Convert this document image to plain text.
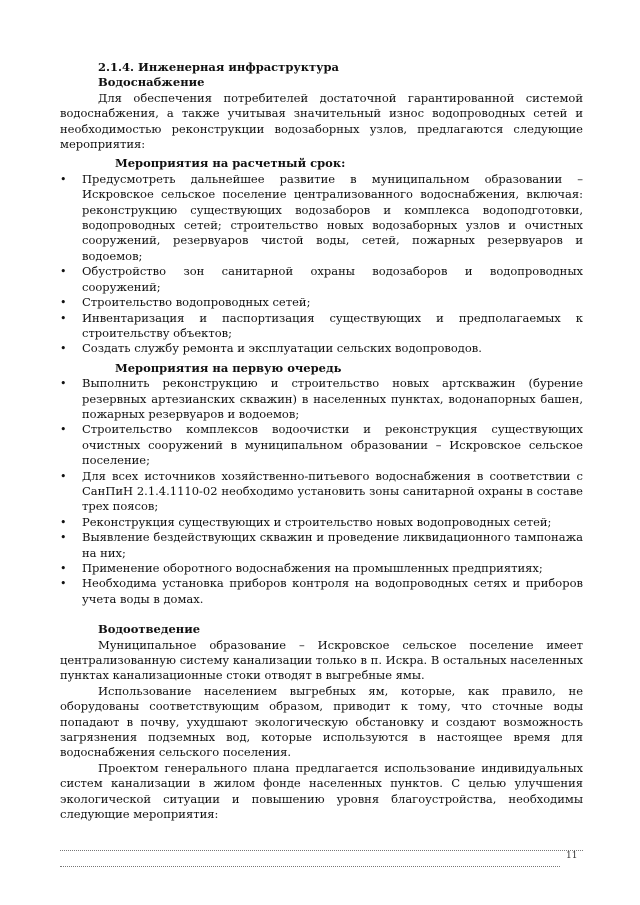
2.1.4. Инженерная инфраструктура
Водоснабжение

Для обеспечения потребителей достаточной гарантированной системой водоснабжения, а также учитывая значительный износ водопроводных сетей и необходимостью реконструкции водозаборных узлов, предлагаются следующие мероприятия:

Мероприятия на расчетный срок:
• Предусмотреть дальнейшее развитие в муниципальном образовании – Искровское сельское поселение централизованного водоснабжения, включая: реконструкцию существующих водозаборов и комплекса водоподготовки, водопроводных сетей; строительство новых водозаборных узлов и очистных сооружений, резервуаров чистой воды, сетей, пожарных резервуаров и водоемов;
• Обустройство зон санитарной охраны водозаборов и водопроводных сооружений;
• Строительство водопроводных сетей;
• Инвентаризация и паспортизация существующих и предполагаемых к строительству объектов;
• Создать службу ремонта и эксплуатации сельских водопроводов.
Мероприятия на первую очередь
• Выполнить реконструкцию и строительство новых артскважин (бурение резервных артезианских скважин) в населенных пунктах, водонапорных башен, пожарных резервуаров и водоемов;
• Строительство комплексов водоочистки и реконструкция существующих очистных сооружений в муниципальном образовании – Искровское сельское поселение;
• Для всех источников хозяйственно-питьевого водоснабжения в соответствии с СанПиН 2.1.4.1110-02 необходимо установить зоны санитарной охраны в составе трех поясов;
• Реконструкция существующих и строительство новых водопроводных сетей;
• Выявление бездействующих скважин и проведение ликвидационного тампонажа на них;
• Применение оборотного водоснабжения на промышленных предприятиях;
• Необходима установка приборов контроля на водопроводных сетях и приборов учета воды в домах.
Водоотведение

Муниципальное образование – Искровское сельское поселение имеет централизованную систему канализации только в п. Искра. В остальных населенных пунктах канализационные стоки отводят в выгребные ямы.

Использование населением выгребных ям, которые, как правило, не оборудованы соответствующим образом, приводит к тому, что сточные воды попадают в почву, ухудшают экологическую обстановку и создают возможность загрязнения подземных вод, которые используются в настоящее время для водоснабжения сельского поселения.

Проектом генерального плана предлагается использование индивидуальных систем канализации в жилом фонде населенных пунктов. С целью улучшения экологической ситуации и повышению уровня благоустройства, необходимы следующие мероприятия:

11
